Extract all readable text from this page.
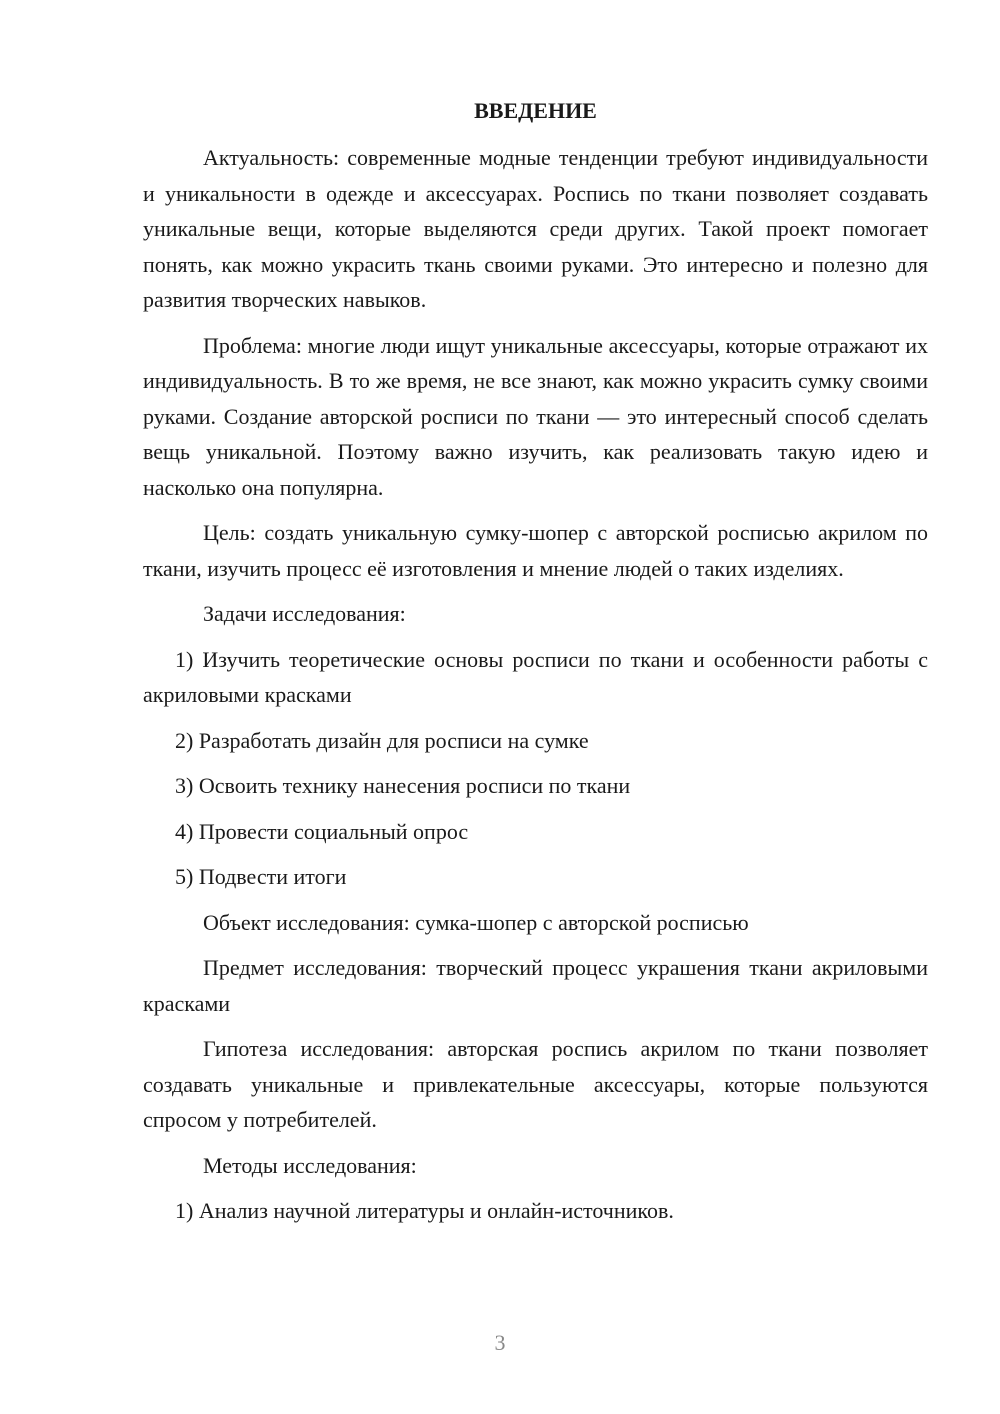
ВВЕДЕНИЕ

Актуальность: современные модные тенденции требуют индивидуальности и уникальности в одежде и аксессуарах. Роспись по ткани позволяет создавать уникальные вещи, которые выделяются среди других. Такой проект помогает понять, как можно украсить ткань своими руками. Это интересно и полезно для развития творческих навыков.

Проблема: многие люди ищут уникальные аксессуары, которые отражают их индивидуальность. В то же время, не все знают, как можно украсить сумку своими руками. Создание авторской росписи по ткани — это интересный способ сделать вещь уникальной. Поэтому важно изучить, как реализовать такую идею и насколько она популярна.

Цель: создать уникальную сумку-шопер с авторской росписью акрилом по ткани, изучить процесс её изготовления и мнение людей о таких изделиях.

Задачи исследования:

1) Изучить теоретические основы росписи по ткани и особенности работы с акриловыми красками
2) Разработать дизайн для росписи на сумке
3) Освоить технику нанесения росписи по ткани
4) Провести социальный опрос
5) Подвести итоги

Объект исследования: сумка-шопер с авторской росписью

Предмет исследования: творческий процесс украшения ткани акриловыми красками

Гипотеза исследования: авторская роспись акрилом по ткани позволяет создавать уникальные и привлекательные аксессуары, которые пользуются спросом у потребителей.

Методы исследования:

1) Анализ научной литературы и онлайн-источников.
3
